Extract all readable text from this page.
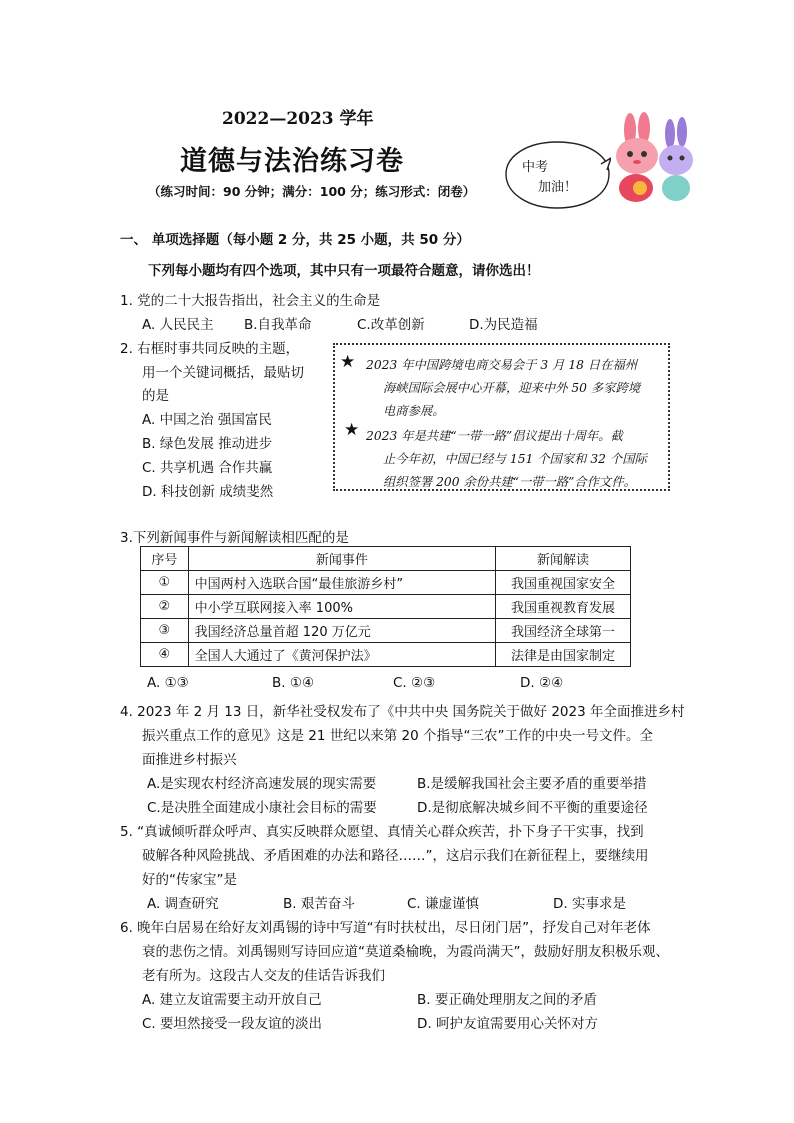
2022—2023 学年
道德与法治练习卷
（练习时间：90 分钟；满分：100 分；练习形式：闭卷）
中考
加油！
一、 单项选择题（每小题 2 分，共 25 小题，共 50 分）
下列每小题均有四个选项，其中只有一项最符合题意，请你选出！
1. 党的二十大报告指出，社会主义的生命是
A. 人民民主 B.自我革命	C.改革创新	D.为民造福
2. 右框时事共同反映的主题，
用一个关键词概括，最贴切
的是
A. 中国之治 强国富民
B. 绿色发展 推动进步
C. 共享机遇 合作共赢
D. 科技创新 成绩斐然
★ 2023 年中国跨境电商交易会于 3 月 18 日在福州
海峡国际会展中心开幕，迎来中外 50 多家跨境
电商参展。
★ 2023 年是共建“一带一路”倡议提出十周年。截
止今年初，中国已经与 151 个国家和 32 个国际
组织签署 200 余份共建“一带一路”合作文件。
3.下列新闻事件与新闻解读相匹配的是
序号	新闻事件	新闻解读
①	中国两村入选联合国“最佳旅游乡村”	我国重视国家安全
②	中小学互联网接入率 100%	我国重视教育发展
③	我国经济总量首超 120 万亿元	我国经济全球第一
④	全国人大通过了《黄河保护法》	法律是由国家制定
A. ①③	B. ①④	C. ②③	D. ②④
4. 2023 年 2 月 13 日，新华社受权发布了《中共中央 国务院关于做好 2023 年全面推进乡村
振兴重点工作的意见》这是 21 世纪以来第 20 个指导“三农”工作的中央一号文件。全
面推进乡村振兴
A.是实现农村经济高速发展的现实需要	B.是缓解我国社会主要矛盾的重要举措
C.是决胜全面建成小康社会目标的需要	D.是彻底解决城乡间不平衡的重要途径
5. “真诚倾听群众呼声、真实反映群众愿望、真情关心群众疾苦，扑下身子干实事，找到
破解各种风险挑战、矛盾困难的办法和路径……”，这启示我们在新征程上，要继续用
好的“传家宝”是
A. 调查研究	B. 艰苦奋斗	C. 谦虚谨慎	D. 实事求是
6. 晚年白居易在给好友刘禹锡的诗中写道“有时扶杖出，尽日闭门居”，抒发自己对年老体
衰的悲伤之情。刘禹锡则写诗回应道“莫道桑榆晚，为霞尚满天”，鼓励好朋友积极乐观、
老有所为。这段古人交友的佳话告诉我们
A. 建立友谊需要主动开放自己	B. 要正确处理朋友之间的矛盾
C. 要坦然接受一段友谊的淡出	D. 呵护友谊需要用心关怀对方
